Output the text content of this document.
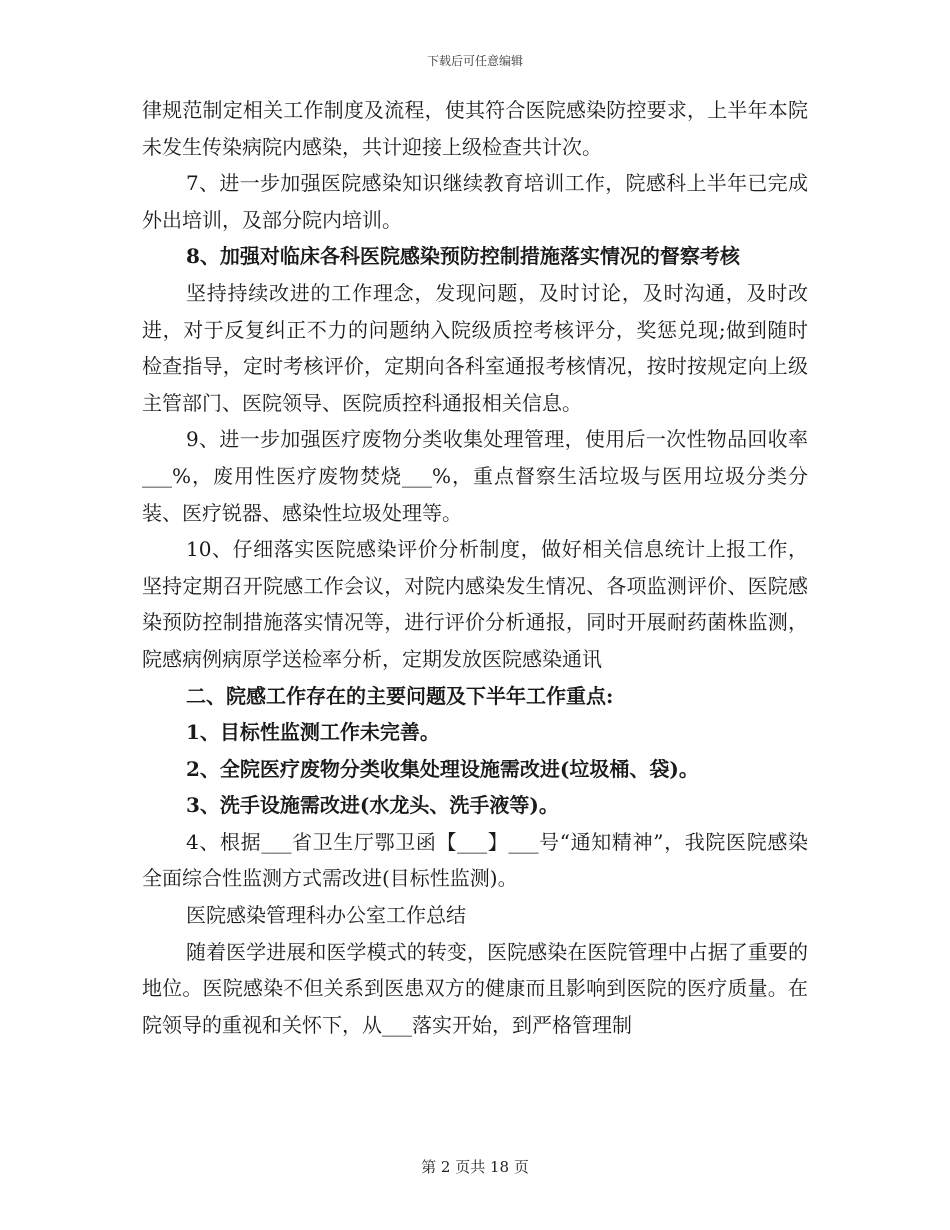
下载后可任意编辑

律规范制定相关工作制度及流程，使其符合医院感染防控要求，上半年本院未发生传染病院内感染，共计迎接上级检查共计次。

7、进一步加强医院感染知识继续教育培训工作，院感科上半年已完成外出培训，及部分院内培训。

8、加强对临床各科医院感染预防控制措施落实情况的督察考核

坚持持续改进的工作理念，发现问题，及时讨论，及时沟通，及时改进，对于反复纠正不力的问题纳入院级质控考核评分，奖惩兑现;做到随时检查指导，定时考核评价，定期向各科室通报考核情况，按时按规定向上级主管部门、医院领导、医院质控科通报相关信息。

9、进一步加强医疗废物分类收集处理管理，使用后一次性物品回收率___%，废用性医疗废物焚烧___%，重点督察生活垃圾与医用垃圾分类分装、医疗锐器、感染性垃圾处理等。

10、仔细落实医院感染评价分析制度，做好相关信息统计上报工作，坚持定期召开院感工作会议，对院内感染发生情况、各项监测评价、医院感染预防控制措施落实情况等，进行评价分析通报，同时开展耐药菌株监测，院感病例病原学送检率分析，定期发放医院感染通讯

二、院感工作存在的主要问题及下半年工作重点:

1、目标性监测工作未完善。

2、全院医疗废物分类收集处理设施需改进(垃圾桶、袋)。

3、洗手设施需改进(水龙头、洗手液等)。

4、根据___省卫生厅鄂卫函【___】___号“通知精神”，我院医院感染全面综合性监测方式需改进(目标性监测)。

医院感染管理科办公室工作总结

随着医学进展和医学模式的转变，医院感染在医院管理中占据了重要的地位。医院感染不但关系到医患双方的健康而且影响到医院的医疗质量。在院领导的重视和关怀下，从___落实开始，到严格管理制

第 2 页共 18 页
